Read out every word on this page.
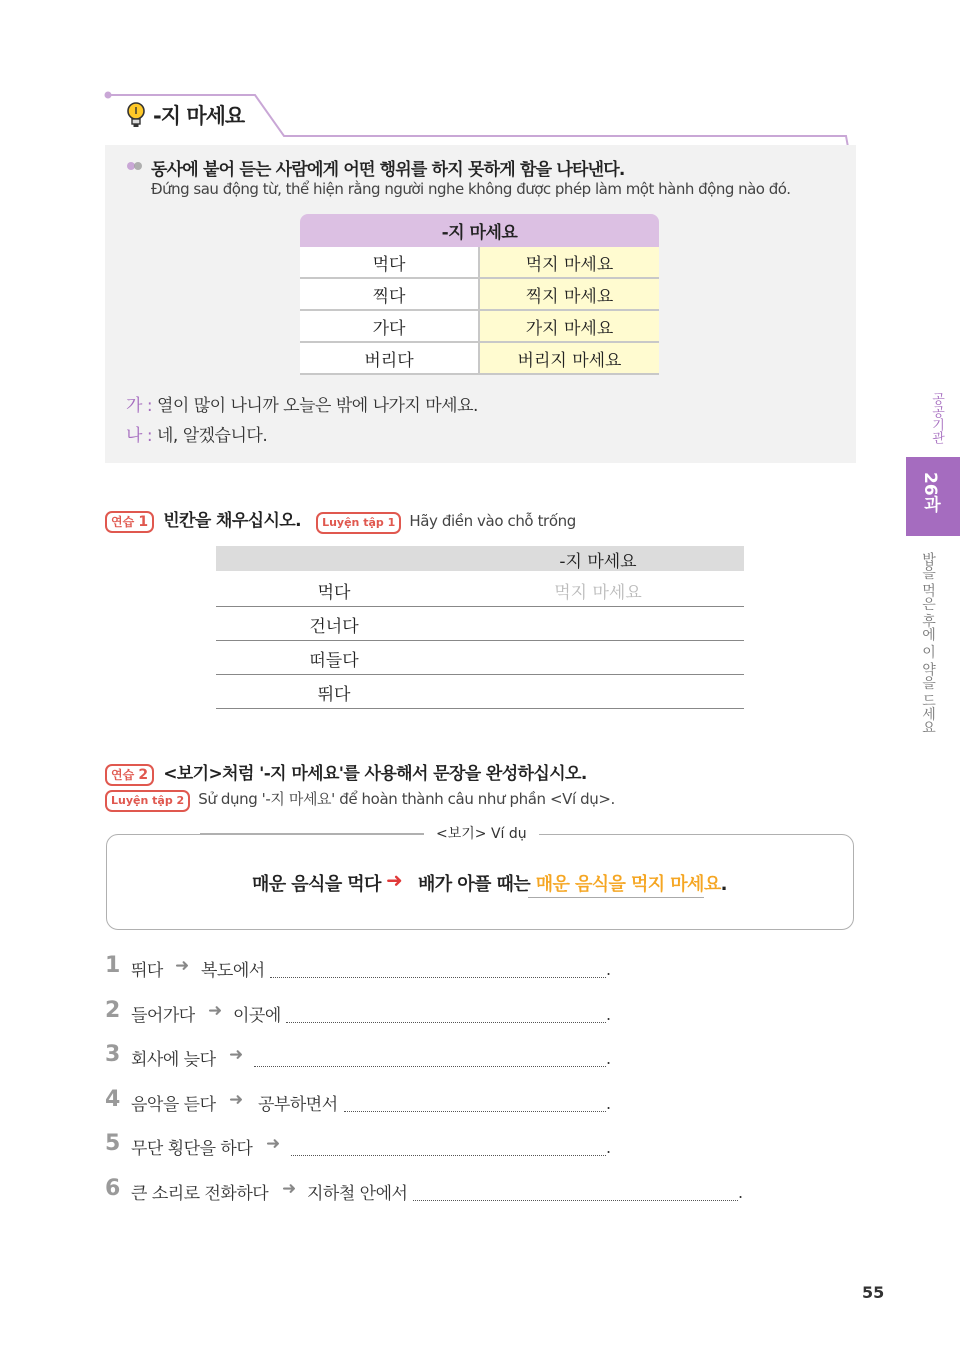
-지 마세요
동사에 붙어 듣는 사람에게 어떤 행위를 하지 못하게 함을 나타낸다.
Đứng sau động từ, thể hiện rằng người nghe không được phép làm một hành động nào đó.
-지 마세요	
먹다	먹지 마세요
찍다	찍지 마세요
가다	가지 마세요
버리다	버리지 마세요
가 : 열이 많이 나니까 오늘은 밖에 나가지 마세요.
나 : 네, 알겠습니다.
연습 1 빈칸을 채우십시오. Luyện tập 1 Hãy điền vào chỗ trống
-지 마세요
먹다	먹지 마세요
건너다
떠들다
뛰다
연습 2 <보기>처럼 '-지 마세요'를 사용해서 문장을 완성하십시오.
Luyện tập 2 Sử dụng '-지 마세요' để hoàn thành câu như phần <Ví dụ>.
<보기> Ví dụ
매운 음식을 먹다 ➜ 배가 아플 때는 매운 음식을 먹지 마세요.
1 뛰다 ➜ 복도에서	.
2 들어가다 ➜ 이곳에	.
3 회사에 늦다 ➜	.
4 음악을 듣다 ➜ 공부하면서	.
5 무단 횡단을 하다 ➜	.
6 큰 소리로 전화하다 ➜ 지하철 안에서	.
공공기관
26과
밥을 먹은 후에 이 약을 드세요
55
